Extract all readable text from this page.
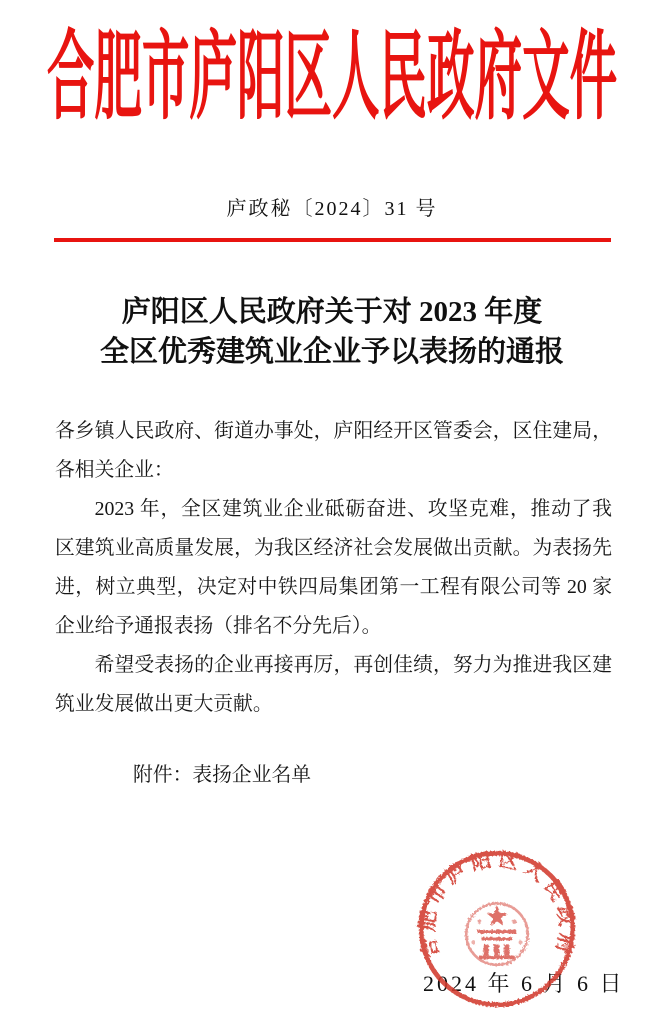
合肥市庐阳区人民政府文件
庐政秘〔2024〕31 号
庐阳区人民政府关于对 2023 年度
全区优秀建筑业企业予以表扬的通报

各乡镇人民政府、街道办事处，庐阳经开区管委会，区住建局，各相关企业：

2023 年，全区建筑业企业砥砺奋进、攻坚克难，推动了我区建筑业高质量发展，为我区经济社会发展做出贡献。为表扬先进，树立典型，决定对中铁四局集团第一工程有限公司等 20 家企业给予通报表扬（排名不分先后）。

希望受表扬的企业再接再厉，再创佳绩，努力为推进我区建筑业发展做出更大贡献。

附件：表扬企业名单

2024 年 6 月 6 日
合肥市庐阳区人民政府
